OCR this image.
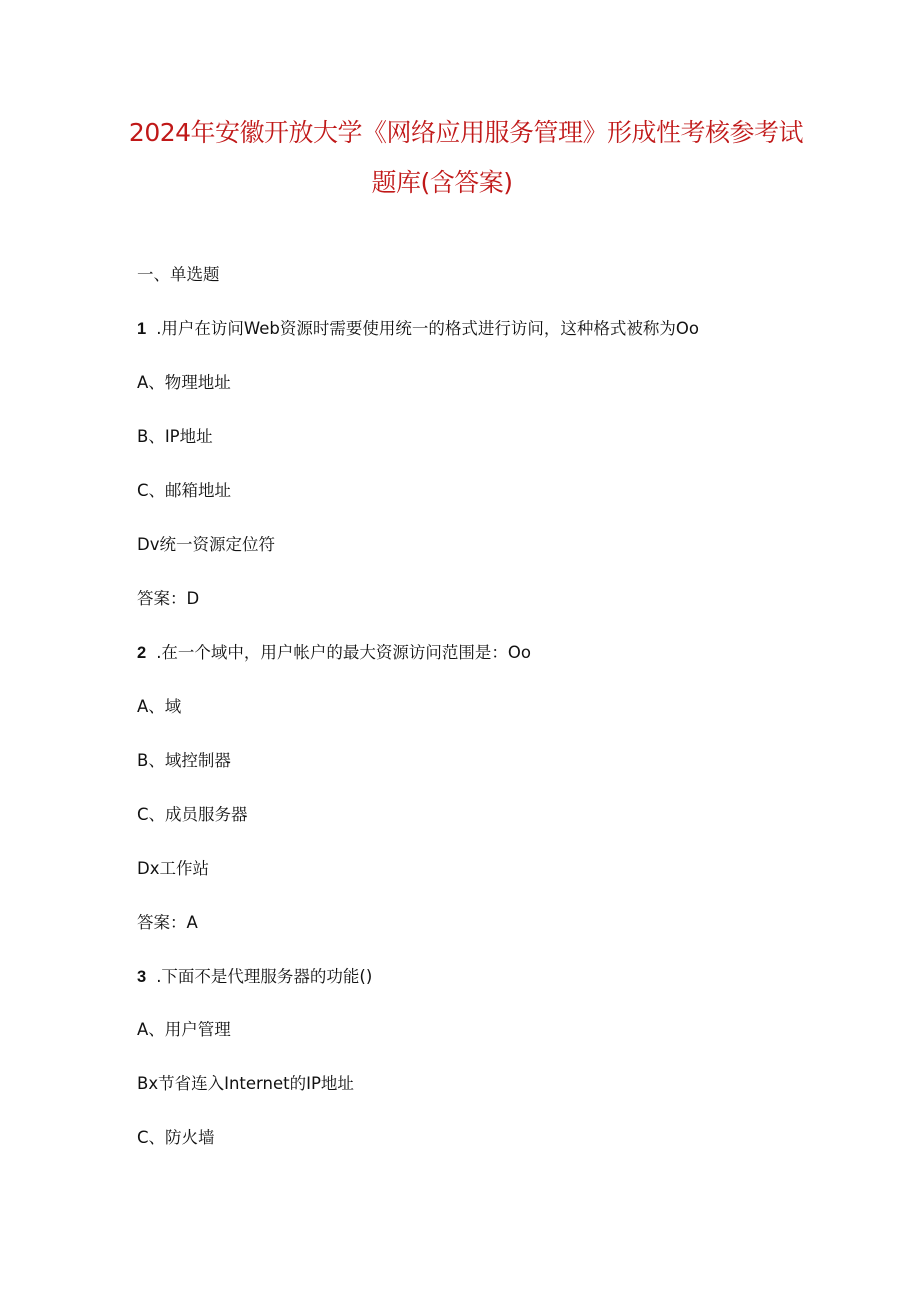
2024年安徽开放大学《网络应用服务管理》形成性考核参考试
题库(含答案)
一、单选题
1 .用户在访问Web资源时需要使用统一的格式进行访问，这种格式被称为Oo
A、物理地址
B、IP地址
C、邮箱地址
Dv统一资源定位符
答案：D
2 .在一个域中，用户帐户的最大资源访问范围是：Oo
A、域
B、域控制器
C、成员服务器
Dx工作站
答案：A
3 .下面不是代理服务器的功能()
A、用户管理
Bx节省连入Internet的IP地址
C、防火墙
